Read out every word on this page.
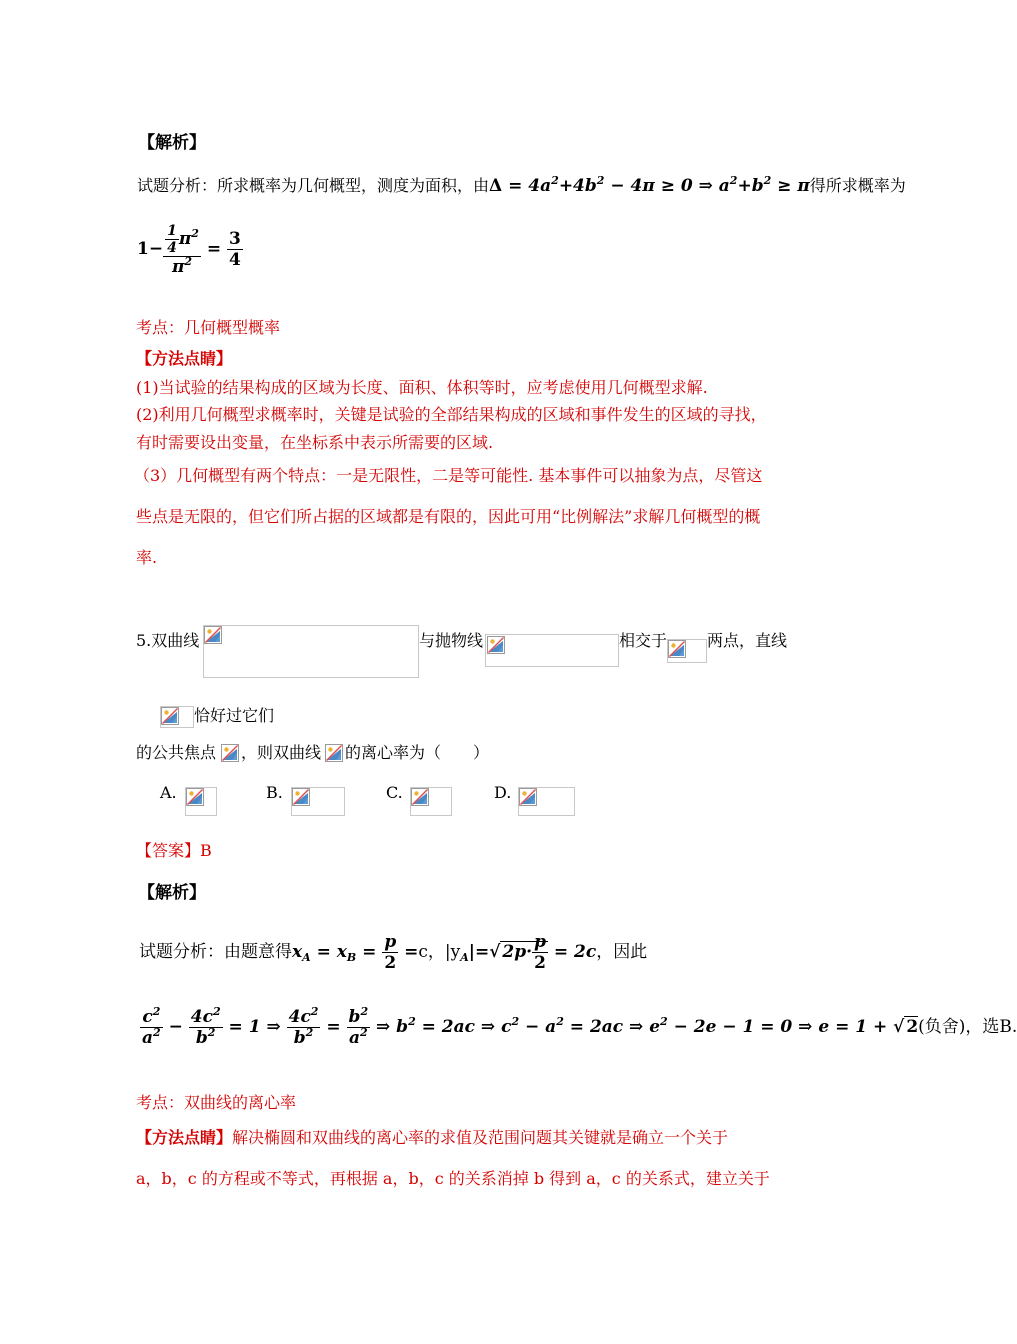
【解析】
试题分析：所求概率为几何概型，测度为面积，由$\Delta = 4a^2+4b^2 - 4\pi \ge 0$ ⇒ $a^2+b^2 \ge \pi$得所求概率为
$1- \frac{\frac{1}{4} \pi^2}{\pi^2} = \frac{3}{4}$
考点：几何概型概率
【方法点睛】
(1)当试验的结果构成的区域为长度、面积、体积等时，应考虑使用几何概型求解.
(2)利用几何概型求概率时，关键是试验的全部结果构成的区域和事件发生的区域的寻找，
有时需要设出变量，在坐标系中表示所需要的区域.
（3）几何概型有两个特点：一是无限性，二是等可能性. 基本事件可以抽象为点，尽管这
些点是无限的，但它们所占据的区域都是有限的，因此可用“比例解法”求解几何概型的概
率.
5.双曲线	与抛物线	相交于 两点，直线
恰好过它们
的公共焦点 ，则双曲线 的离心率为（　　）
A.	B.	C.	D.
【答案】B
【解析】
试题分析：由题意得$x_A = x_B = \frac{p}{2} =c$，$|y_A|=√$ $2p\cdot \frac{p}{2} = 2c$，因此
$\frac{c^2}{a^2} - \frac{4c^2}{b^2} = 1$ ⇒ $\frac{4c^2}{b^2} = \frac{b^2}{a^2}$ ⇒ $b^2 = 2ac$ ⇒ $c^2 - a^2 = 2ac$ ⇒ $e^2 - 2e - 1 = 0$ ⇒ e = 1 + √ 2(负舍)，选B.
考点：双曲线的离心率
【方法点睛】解决椭圆和双曲线的离心率的求值及范围问题其关键就是确立一个关于
a，b，c 的方程或不等式，再根据 a，b，c 的关系消掉 b 得到 a，c 的关系式，建立关于
